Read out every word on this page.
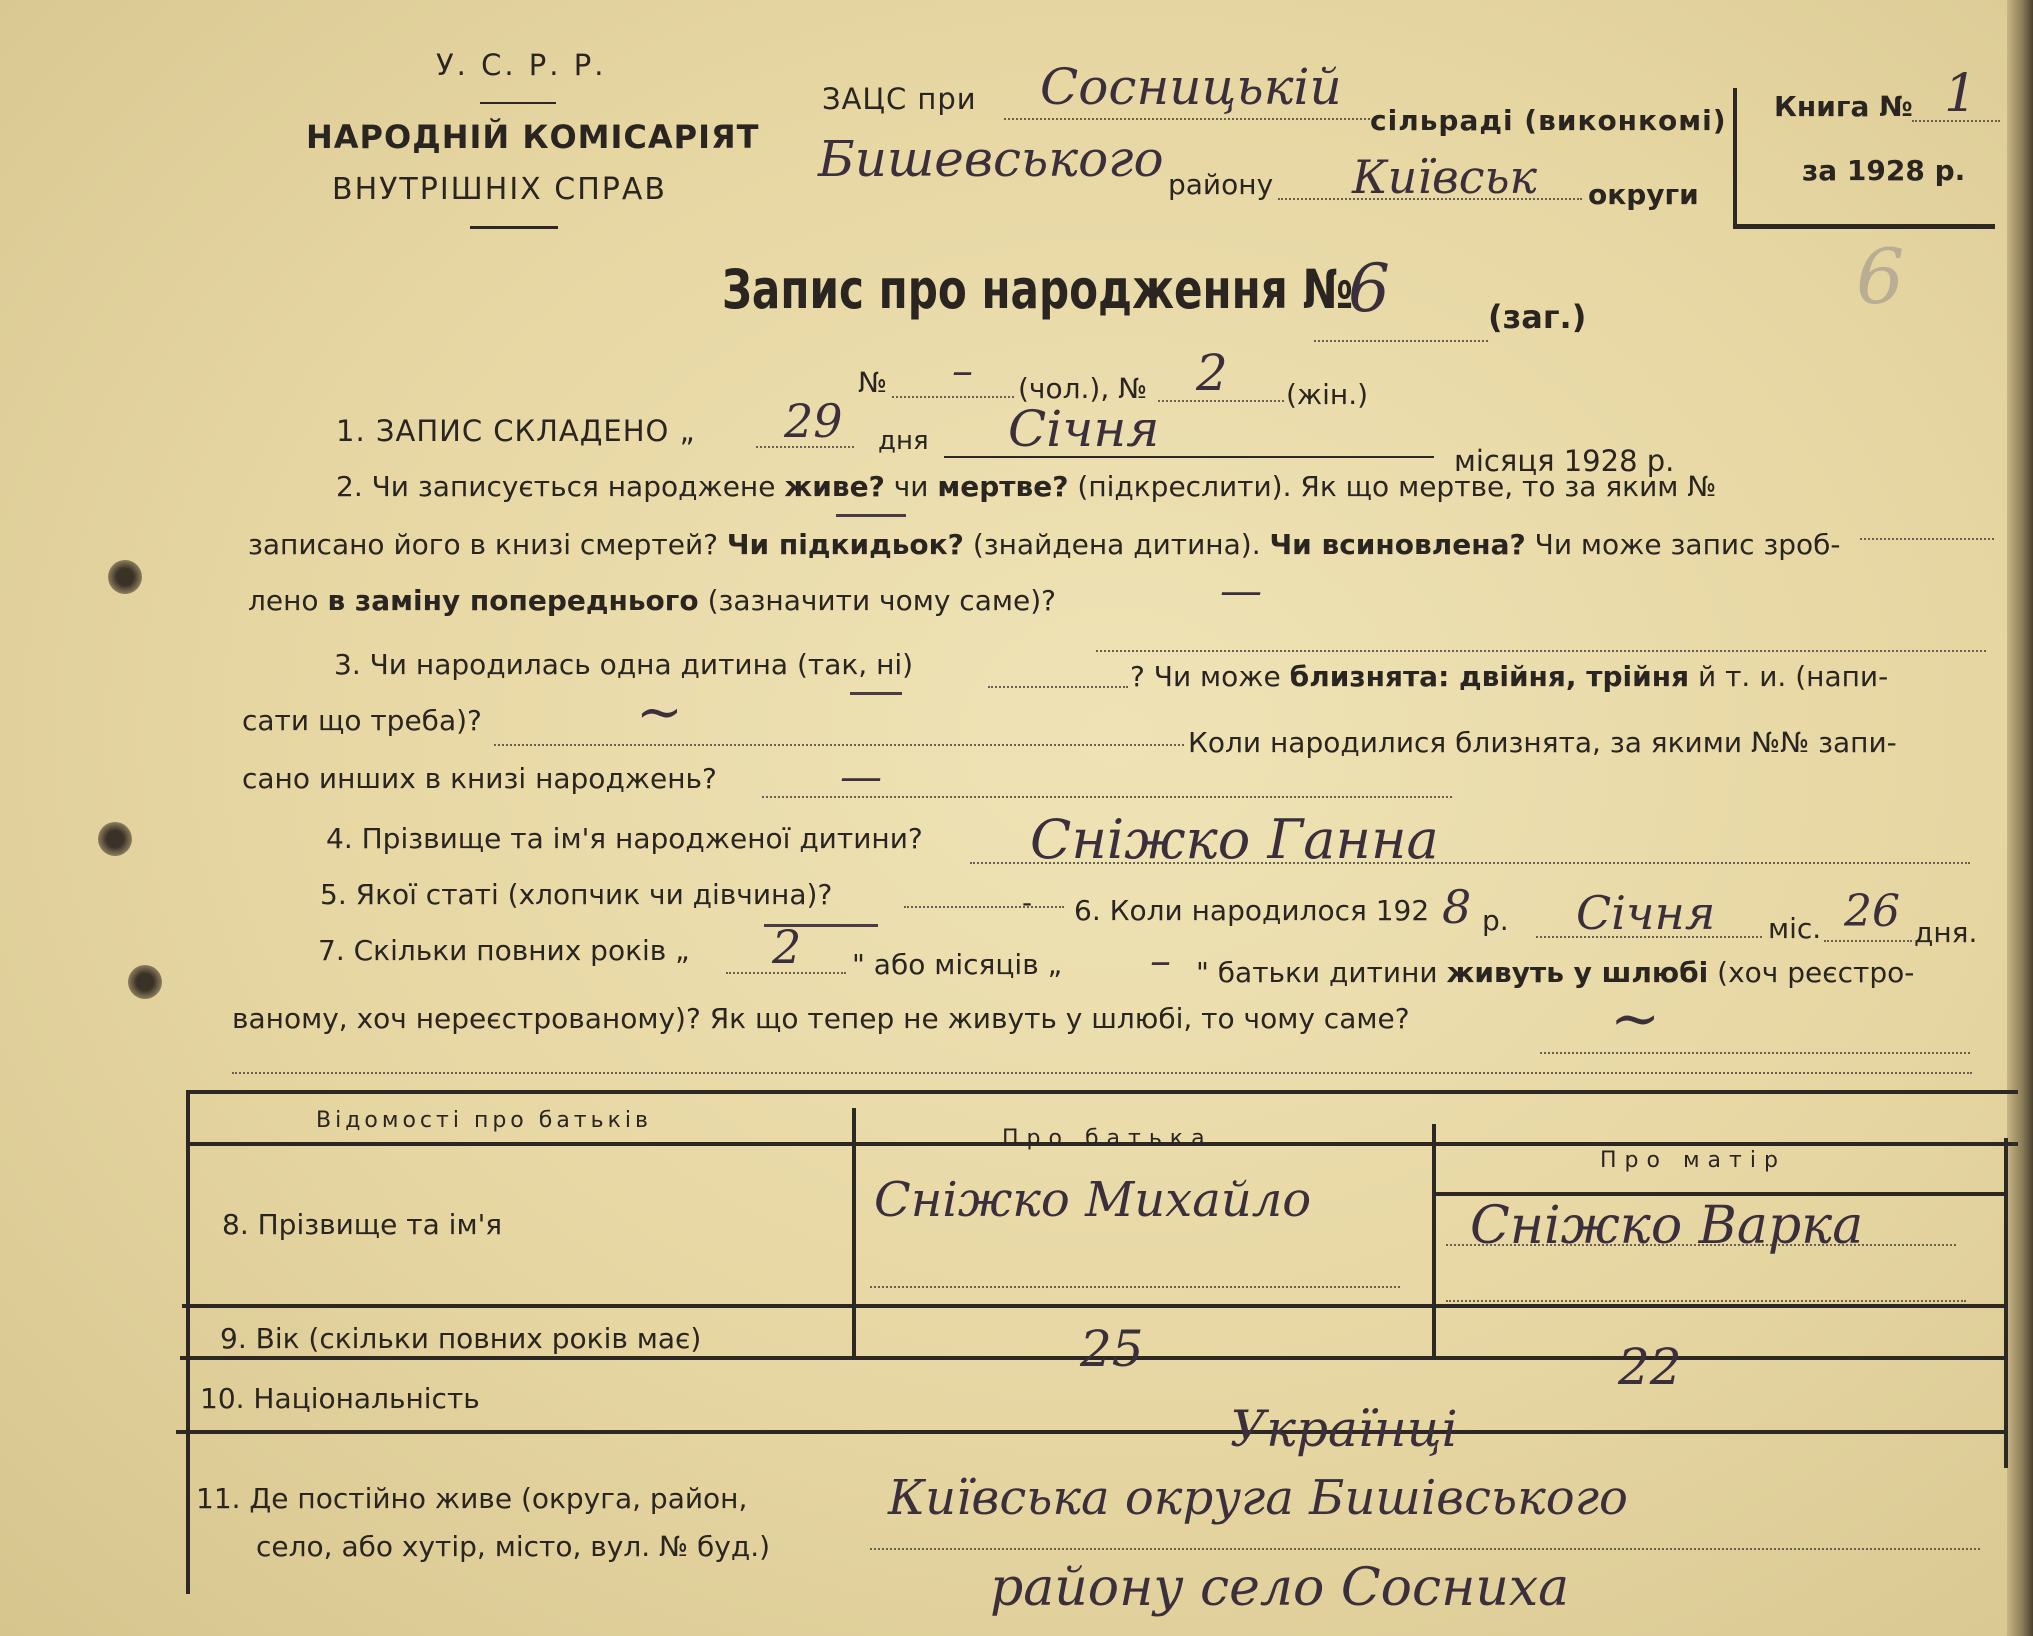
У. С. Р. Р.
НАРОДНІЙ КОМІСАРІЯТ
ВНУТРІШНІХ СПРАВ
ЗАЦС при Сосницькій
сільраді (виконкомі)
Бишевського району Київськ округи
Книга № 1
за 1928 р.
Запис про народження №
6	(заг.)	6
№ – (чол.), № 2 (жін.)
1. ЗАПИС СКЛАДЕНО „ 29 дня Січня
місяця 1928 р.
2. Чи записується народжене живе? чи мертве? (підкреслити). Як що мертве, то за яким №
записано його в книзі смертей? Чи підкидьок? (знайдена дитина). Чи всиновлена? Чи може запис зроб-
лено в заміну попереднього (зазначити чому саме)?	—
3. Чи народилась одна дитина (так, ні)	? Чи може близнята: двійня, трійня й т. и. (напи-
сати що треба)?	~	Коли народилися близнята, за якими №№ запи-
сано инших в книзі народжень?	—
4. Прізвище та ім'я народженої дитини? Сніжко Ганна
5. Якої статі (хлопчик чи дівчина)?	- 6. Коли народилося 192 8 р. Січня міс. 26 дня.
7. Скільки повних років „ 2 " або місяців „ – " батьки дитини живуть у шлюбі (хоч реєстро-
ваному, хоч нереєстрованому)? Як що тепер не живуть у шлюбі, то чому саме?	~
Відомості про батьків
Про батька
Про матір
8. Прізвище та ім'я	Сніжко Михайло	Сніжко Варка
9. Вік (скільки повних років має)	25	22
10. Національність
Українці
11. Де постійно живе (округа, район,
село, або хутір, місто, вул. № буд.)
Київська округа Бишівського
району село Сосниха
